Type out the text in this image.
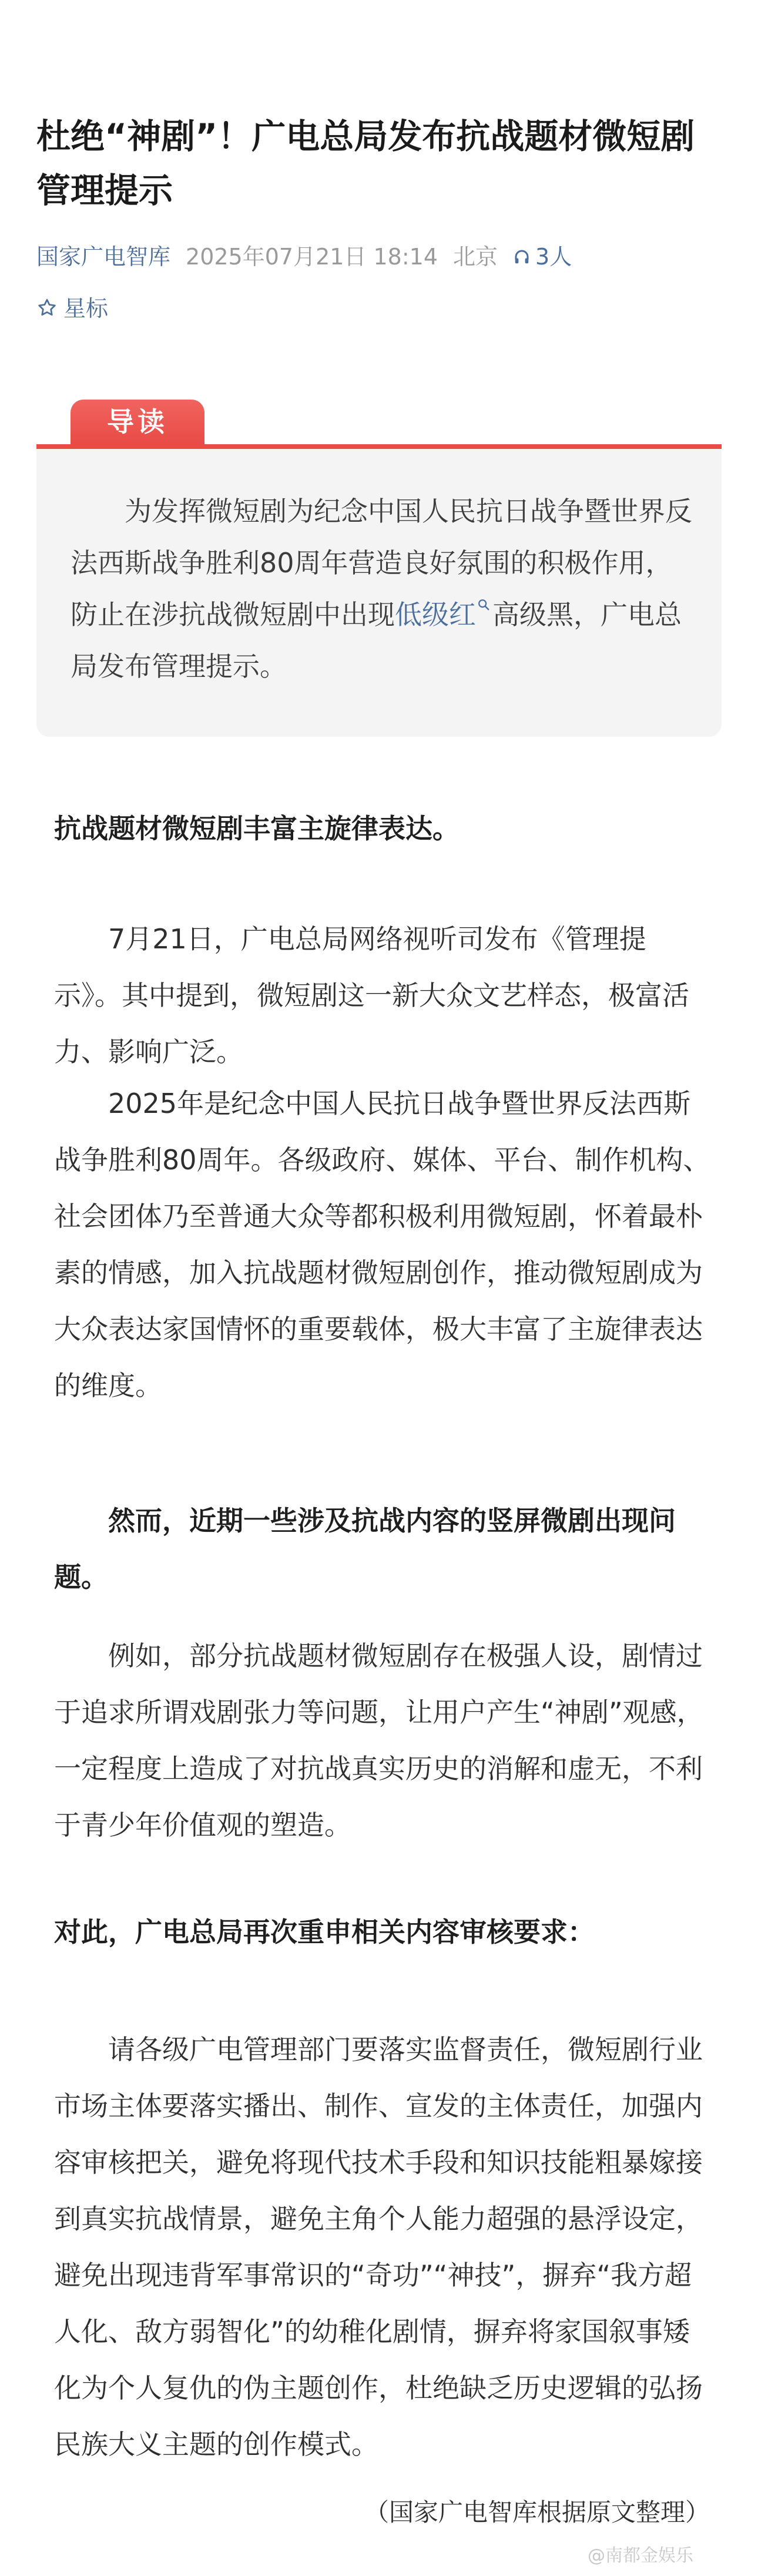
杜绝“神剧”！广电总局发布抗战题材微短剧管理提示
国家广电智库 2025年07月21日 18:14 北京 3人
星标
导读

　　为发挥微短剧为纪念中国人民抗日战争暨世界反法西斯战争胜利80周年营造良好氛围的积极作用，防止在涉抗战微短剧中出现低级红 高级黑，广电总局发布管理提示。

抗战题材微短剧丰富主旋律表达。

　　7月21日，广电总局网络视听司发布《管理提示》。其中提到，微短剧这一新大众文艺样态，极富活力、影响广泛。

　　2025年是纪念中国人民抗日战争暨世界反法西斯战争胜利80周年。各级政府、媒体、平台、制作机构、社会团体乃至普通大众等都积极利用微短剧，怀着最朴素的情感，加入抗战题材微短剧创作，推动微短剧成为大众表达家国情怀的重要载体，极大丰富了主旋律表达的维度。

　　然而，近期一些涉及抗战内容的竖屏微剧出现问题。

　　例如，部分抗战题材微短剧存在极强人设，剧情过于追求所谓戏剧张力等问题，让用户产生“神剧”观感，一定程度上造成了对抗战真实历史的消解和虚无，不利于青少年价值观的塑造。

对此，广电总局再次重申相关内容审核要求：

　　请各级广电管理部门要落实监督责任，微短剧行业市场主体要落实播出、制作、宣发的主体责任，加强内容审核把关，避免将现代技术手段和知识技能粗暴嫁接到真实抗战情景，避免主角个人能力超强的悬浮设定，避免出现违背军事常识的“奇功”“神技”，摒弃“我方超人化、敌方弱智化”的幼稚化剧情，摒弃将家国叙事矮化为个人复仇的伪主题创作，杜绝缺乏历史逻辑的弘扬民族大义主题的创作模式。

（国家广电智库根据原文整理）
@南都金娱乐
